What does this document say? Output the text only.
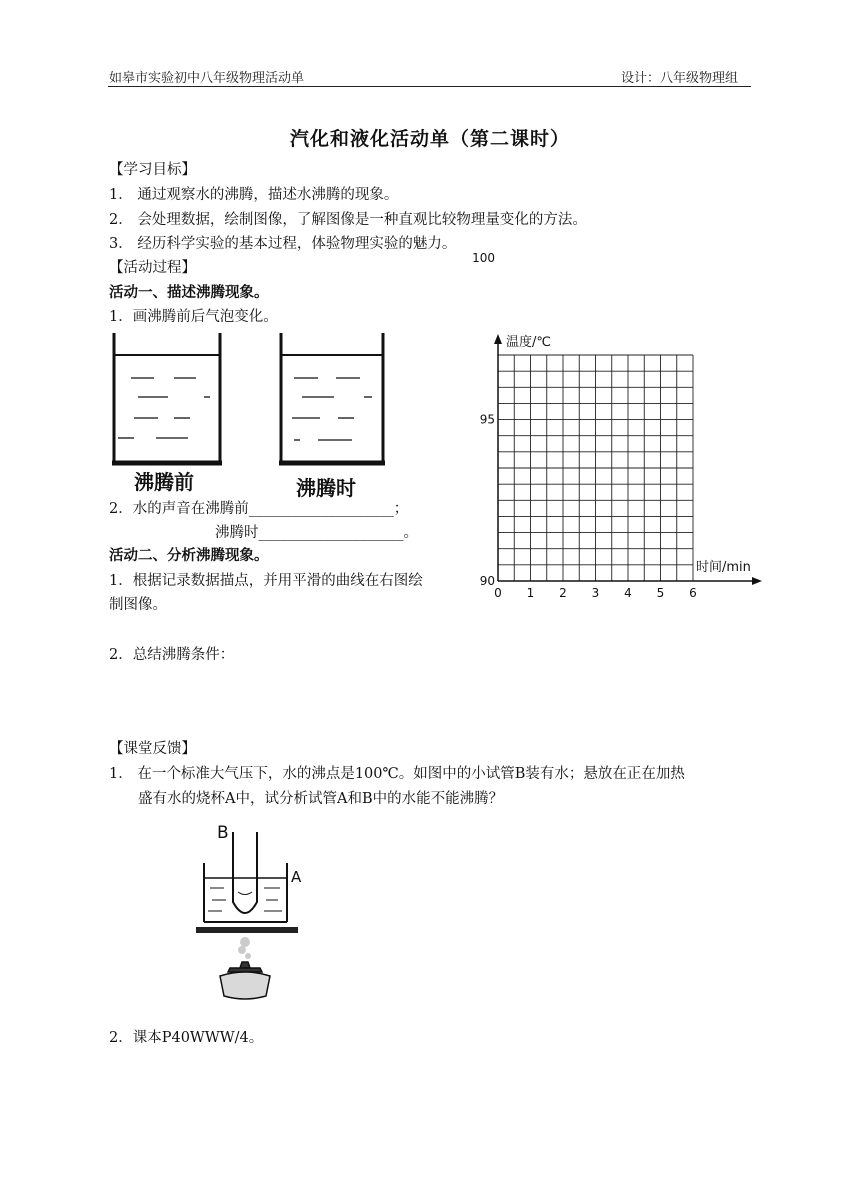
如皋市实验初中八年级物理活动单	设计：八年级物理组
汽化和液化活动单（第二课时）
【学习目标】
1． 通过观察水的沸腾，描述水沸腾的现象。
2． 会处理数据，绘制图像，了解图像是一种直观比较物理量变化的方法。
3． 经历科学实验的基本过程，体验物理实验的魅力。
【活动过程】
活动一、描述沸腾现象。
1．画沸腾前后气泡变化。
沸腾前	沸腾时
2．水的声音在沸腾前____________________；
沸腾时____________________。
活动二、分析沸腾现象。
1．根据记录数据描点，并用平滑的曲线在右图绘
制图像。
2．总结沸腾条件：
温度/℃
时间/min
0 1 2 3 4 5 6
90
95
100
【课堂反馈】
1． 在一个标准大气压下，水的沸点是100℃。如图中的小试管B装有水；悬放在正在加热
盛有水的烧杯A中，试分析试管A和B中的水能不能沸腾？
B
A
2．课本P40WWW/4。
